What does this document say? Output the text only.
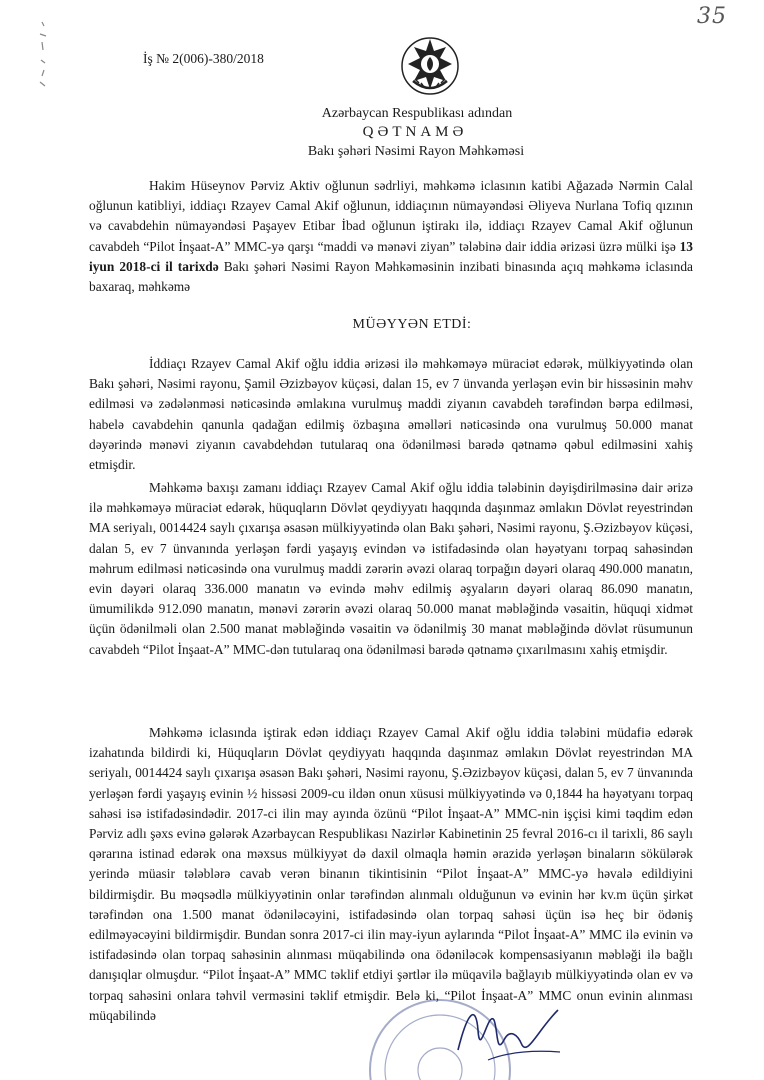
35
İş № 2(006)-380/2018
Azərbaycan Respublikası adından
QƏTNAMƏ
Bakı şəhəri Nəsimi Rayon Məhkəməsi

Hakim Hüseynov Pərviz Aktiv oğlunun sədrliyi, məhkəmə iclasının katibi Ağazadə Nərmin Calal oğlunun katibliyi, iddiaçı Rzayev Camal Akif oğlunun, iddiaçının nümayəndəsi Əliyeva Nurlana Tofiq qızının və cavabdehin nümayəndəsi Paşayev Etibar İbad oğlunun iştirakı ilə, iddiaçı Rzayev Camal Akif oğlunun cavabdeh “Pilot İnşaat-A” MMC-yə qarşı “maddi və mənəvi ziyan” tələbinə dair iddia ərizəsi üzrə mülki işə 13 iyun 2018-ci il tarixdə Bakı şəhəri Nəsimi Rayon Məhkəməsinin inzibati binasında açıq məhkəmə iclasında baxaraq, məhkəmə

MÜƏYYƏN ETDİ:

İddiaçı Rzayev Camal Akif oğlu iddia ərizəsi ilə məhkəməyə müraciət edərək, mülkiyyətində olan Bakı şəhəri, Nəsimi rayonu, Şamil Əzizbəyov küçəsi, dalan 15, ev 7 ünvanda yerləşən evin bir hissəsinin məhv edilməsi və zədələnməsi nəticəsində əmlakına vurulmuş maddi ziyanın cavabdeh tərəfindən bərpa edilməsi, habelə cavabdehin qanunla qadağan edilmiş özbaşına əməlləri nəticəsində ona vurulmuş 50.000 manat dəyərində mənəvi ziyanın cavabdehdən tutularaq ona ödənilməsi barədə qətnamə qəbul edilməsini xahiş etmişdir.

Məhkəmə baxışı zamanı iddiaçı Rzayev Camal Akif oğlu iddia tələbinin dəyişdirilməsinə dair ərizə ilə məhkəməyə müraciət edərək, hüquqların Dövlət qeydiyyatı haqqında daşınmaz əmlakın Dövlət reyestrindən MA seriyalı, 0014424 saylı çıxarışa əsasən mülkiyyətində olan Bakı şəhəri, Nəsimi rayonu, Ş.Əzizbəyov küçəsi, dalan 5, ev 7 ünvanında yerləşən fərdi yaşayış evindən və istifadəsində olan həyətyanı torpaq sahəsindən məhrum edilməsi nəticəsində ona vurulmuş maddi zərərin əvəzi olaraq torpağın dəyəri olaraq 490.000 manatın, evin dəyəri olaraq 336.000 manatın və evində məhv edilmiş əşyaların dəyəri olaraq 86.090 manatın, ümumilikdə 912.090 manatın, mənəvi zərərin əvəzi olaraq 50.000 manat məbləğində vəsaitin, hüquqi xidmət üçün ödənilməli olan 2.500 manat məbləğində vəsaitin və ödənilmiş 30 manat məbləğində dövlət rüsumunun cavabdeh “Pilot İnşaat-A” MMC-dən tutularaq ona ödənilməsi barədə qətnamə çıxarılmasını xahiş etmişdir.

Məhkəmə iclasında iştirak edən iddiaçı Rzayev Camal Akif oğlu iddia tələbini müdafiə edərək izahatında bildirdi ki, Hüquqların Dövlət qeydiyyatı haqqında daşınmaz əmlakın Dövlət reyestrindən MA seriyalı, 0014424 saylı çıxarışa əsasən Bakı şəhəri, Nəsimi rayonu, Ş.Əzizbəyov küçəsi, dalan 5, ev 7 ünvanında yerləşən fərdi yaşayış evinin ½ hissəsi 2009-cu ildən onun xüsusi mülkiyyətində və 0,1844 ha həyətyanı torpaq sahəsi isə istifadəsindədir. 2017-ci ilin may ayında özünü “Pilot İnşaat-A” MMC-nin işçisi kimi təqdim edən Pərviz adlı şəxs evinə gələrək Azərbaycan Respublikası Nazirlər Kabinetinin 25 fevral 2016-cı il tarixli, 86 saylı qərarına istinad edərək ona məxsus mülkiyyət də daxil olmaqla həmin ərazidə yerləşən binaların sökülərək yerində müasir tələblərə cavab verən binanın tikintisinin “Pilot İnşaat-A” MMC-yə həvalə edildiyini bildirmişdir. Bu məqsədlə mülkiyyətinin onlar tərəfindən alınmalı olduğunun və evinin hər kv.m üçün şirkət tərəfindən ona 1.500 manat ödəniləcəyini, istifadəsində olan torpaq sahəsi üçün isə heç bir ödəniş edilməyəcəyini bildirmişdir. Bundan sonra 2017-ci ilin may-iyun aylarında “Pilot İnşaat-A” MMC ilə evinin və istifadəsində olan torpaq sahəsinin alınması müqabilində ona ödəniləcək kompensasiyanın məbləği ilə bağlı danışıqlar olmuşdur. “Pilot İnşaat-A” MMC təklif etdiyi şərtlər ilə müqavilə bağlayıb mülkiyyətində olan ev və torpaq sahəsini onlara təhvil verməsini təklif etmişdir. Belə ki, “Pilot İnşaat-A” MMC onun evinin alınması müqabilində
